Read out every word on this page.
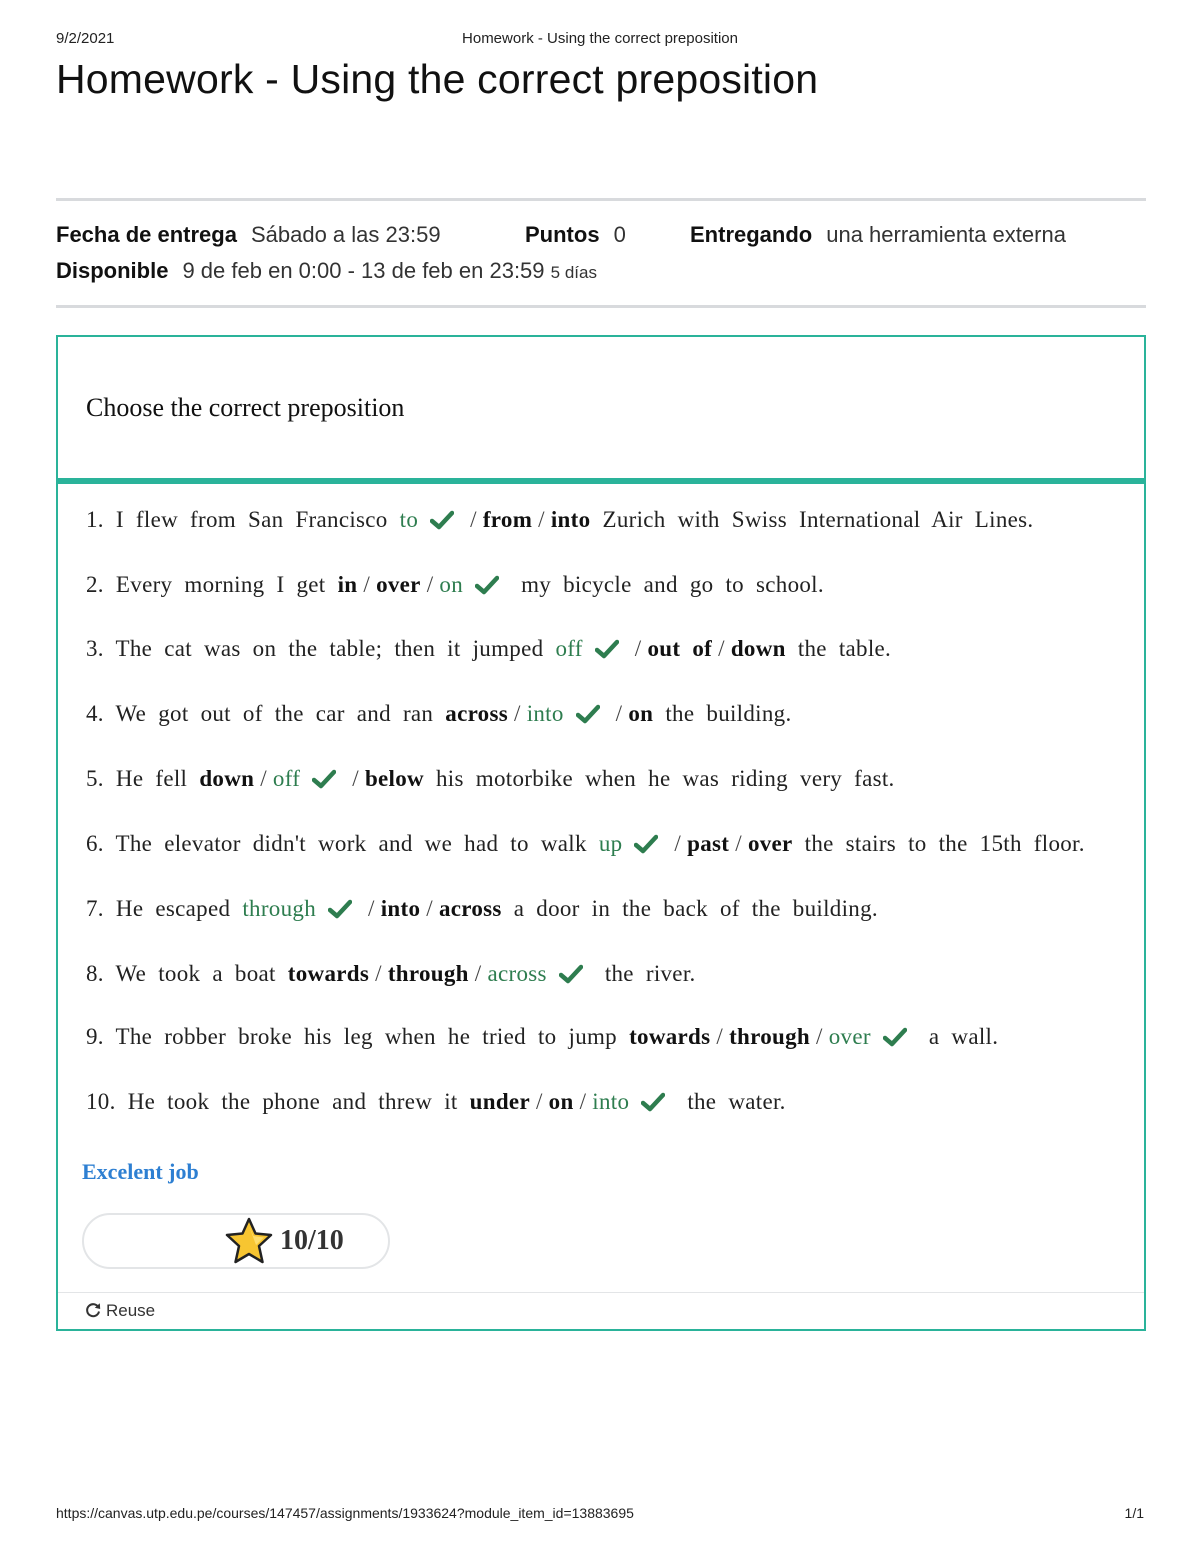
9/2/2021	Homework - Using the correct preposition
Homework - Using the correct preposition
Fecha de entrega Sábado a las 23:59	Puntos 0	Entregando una herramienta externa
Disponible 9 de feb en 0:00 - 13 de feb en 23:59 5 días
Choose the correct preposition
1. I flew from San Francisco to / from / into Zurich with Swiss International Air Lines.
2. Every morning I get in / over / on	my bicycle and go to school.
3. The cat was on the table; then it jumped off / out of / down the table.
4. We got out of the car and ran across / into / on the building.
5. He fell down / off / below his motorbike when he was riding very fast.
6. The elevator didn't work and we had to walk up / past / over the stairs to the 15th floor.
7. He escaped through / into / across a door in the back of the building.
8. We took a boat towards / through / across	the river.
9. The robber broke his leg when he tried to jump towards / through / over	a wall.
10. He took the phone and threw it under / on / into	the water.
Excelent job
10/10
Reuse
https://canvas.utp.edu.pe/courses/147457/assignments/1933624?module_item_id=13883695	1/1
